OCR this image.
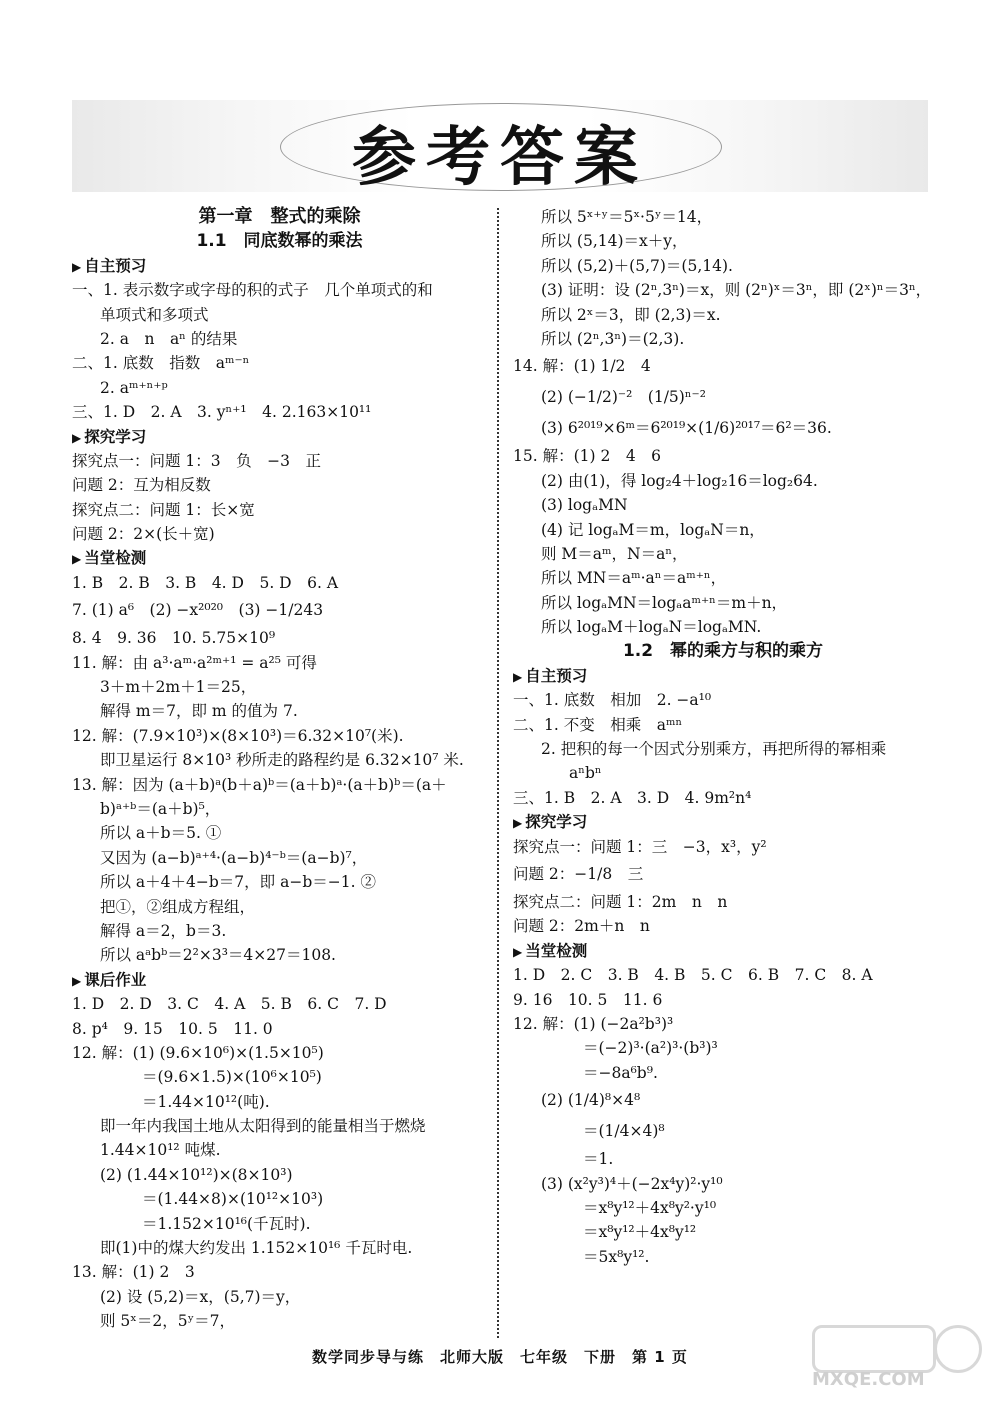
参考答案
第一章　整式的乘除
1.1　同底数幂的乘法
▶ 自主预习
一、1. 表示数字或字母的积的式子　几个单项式的和
单项式和多项式
2. a　n　aⁿ 的结果
二、1. 底数　指数　aᵐ⁻ⁿ
2. aᵐ⁺ⁿ⁺ᵖ
三、1. D　2. A　3. yⁿ⁺¹　4. 2.163×10¹¹
▶ 探究学习
探究点一：问题 1：3　负　−3　正
问题 2：互为相反数
探究点二：问题 1：长×宽
问题 2：2×(长＋宽)
▶ 当堂检测
1. B　2. B　3. B　4. D　5. D　6. A
7. (1) a⁶　(2) −x²⁰²⁰　(3) −1/243
8. 4　9. 36　10. 5.75×10⁹
11. 解：由 a³·aᵐ·a²ᵐ⁺¹ = a²⁵ 可得
3＋m＋2m＋1＝25，
解得 m＝7，即 m 的值为 7.
12. 解：(7.9×10³)×(8×10³)＝6.32×10⁷(米).
即卫星运行 8×10³ 秒所走的路程约是 6.32×10⁷ 米.
13. 解：因为 (a＋b)ᵃ(b＋a)ᵇ＝(a＋b)ᵃ·(a＋b)ᵇ＝(a＋
b)ᵃ⁺ᵇ＝(a＋b)⁵，
所以 a＋b＝5. ①
又因为 (a−b)ᵃ⁺⁴·(a−b)⁴⁻ᵇ＝(a−b)⁷，
所以 a＋4＋4−b＝7，即 a−b＝−1. ②
把①，②组成方程组，
解得 a＝2，b＝3.
所以 aᵃbᵇ＝2²×3³＝4×27＝108.
▶ 课后作业
1. D　2. D　3. C　4. A　5. B　6. C　7. D
8. p⁴　9. 15　10. 5　11. 0
12. 解：(1) (9.6×10⁶)×(1.5×10⁵)
＝(9.6×1.5)×(10⁶×10⁵)
＝1.44×10¹²(吨).
即一年内我国土地从太阳得到的能量相当于燃烧
1.44×10¹² 吨煤.
(2) (1.44×10¹²)×(8×10³)
＝(1.44×8)×(10¹²×10³)
＝1.152×10¹⁶(千瓦时).
即(1)中的煤大约发出 1.152×10¹⁶ 千瓦时电.
13. 解：(1) 2　3
(2) 设 (5,2)＝x，(5,7)＝y，
则 5ˣ＝2，5ʸ＝7，
所以 5ˣ⁺ʸ＝5ˣ·5ʸ＝14，
所以 (5,14)＝x＋y，
所以 (5,2)＋(5,7)＝(5,14).
(3) 证明：设 (2ⁿ,3ⁿ)＝x，则 (2ⁿ)ˣ＝3ⁿ，即 (2ˣ)ⁿ＝3ⁿ，
所以 2ˣ＝3，即 (2,3)＝x.
所以 (2ⁿ,3ⁿ)＝(2,3).
14. 解：(1) 1/2　4
(2) (−1/2)⁻²　(1/5)ⁿ⁻²
(3) 6²⁰¹⁹×6ᵐ＝6²⁰¹⁹×(1/6)²⁰¹⁷＝6²＝36.
15. 解：(1) 2　4　6
(2) 由(1)，得 log₂4＋log₂16＝log₂64.
(3) logₐMN
(4) 记 logₐM＝m，logₐN＝n，
则 M＝aᵐ，N＝aⁿ，
所以 MN＝aᵐ·aⁿ＝aᵐ⁺ⁿ，
所以 logₐMN＝logₐaᵐ⁺ⁿ＝m＋n，
所以 logₐM＋logₐN＝logₐMN.
1.2　幂的乘方与积的乘方
▶ 自主预习
一、1. 底数　相加　2. −a¹⁰
二、1. 不变　相乘　aᵐⁿ
2. 把积的每一个因式分别乘方，再把所得的幂相乘
aⁿbⁿ
三、1. B　2. A　3. D　4. 9m²n⁴
▶ 探究学习
探究点一：问题 1：三　−3，x³，y²
问题 2：−1/8　三
探究点二：问题 1：2m　n　n
问题 2：2m＋n　n
▶ 当堂检测
1. D　2. C　3. B　4. B　5. C　6. B　7. C　8. A
9. 16　10. 5　11. 6
12. 解：(1) (−2a²b³)³
＝(−2)³·(a²)³·(b³)³
＝−8a⁶b⁹.
(2) (1/4)⁸×4⁸
＝(1/4×4)⁸
＝1.
(3) (x²y³)⁴＋(−2x⁴y)²·y¹⁰
＝x⁸y¹²＋4x⁸y²·y¹⁰
＝x⁸y¹²＋4x⁸y¹²
＝5x⁸y¹².
数学同步导与练　北师大版　七年级　下册　第 1 页
MXQE.COM
